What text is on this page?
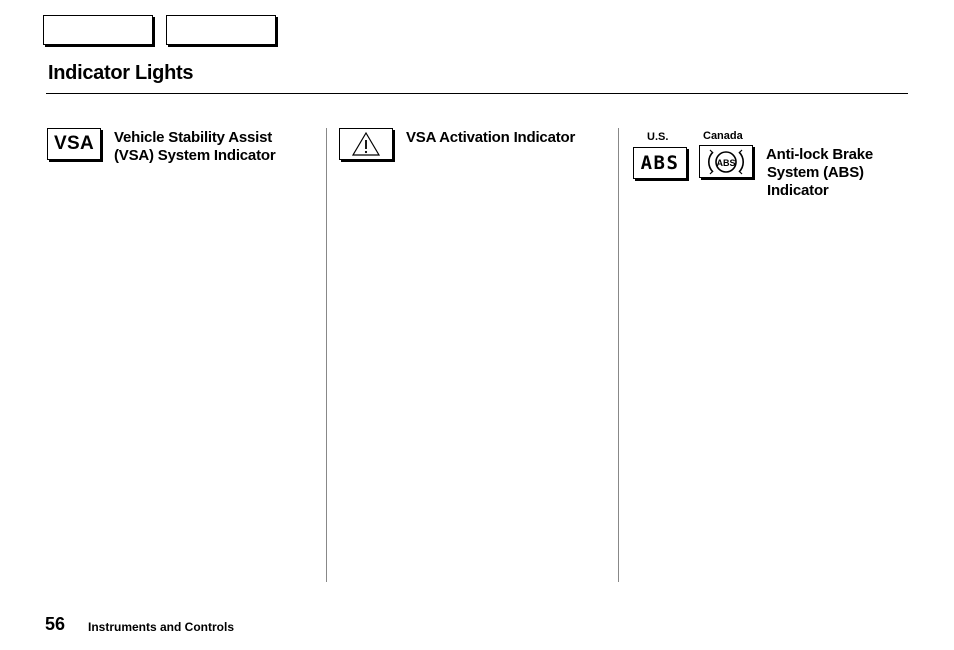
Indicator Lights
VSA Vehicle Stability Assist
(VSA) System Indicator
VSA Activation Indicator	U.S.	Canada
ABS	ABS Anti-lock Brake
System (ABS)
Indicator
56 Instruments and Controls
